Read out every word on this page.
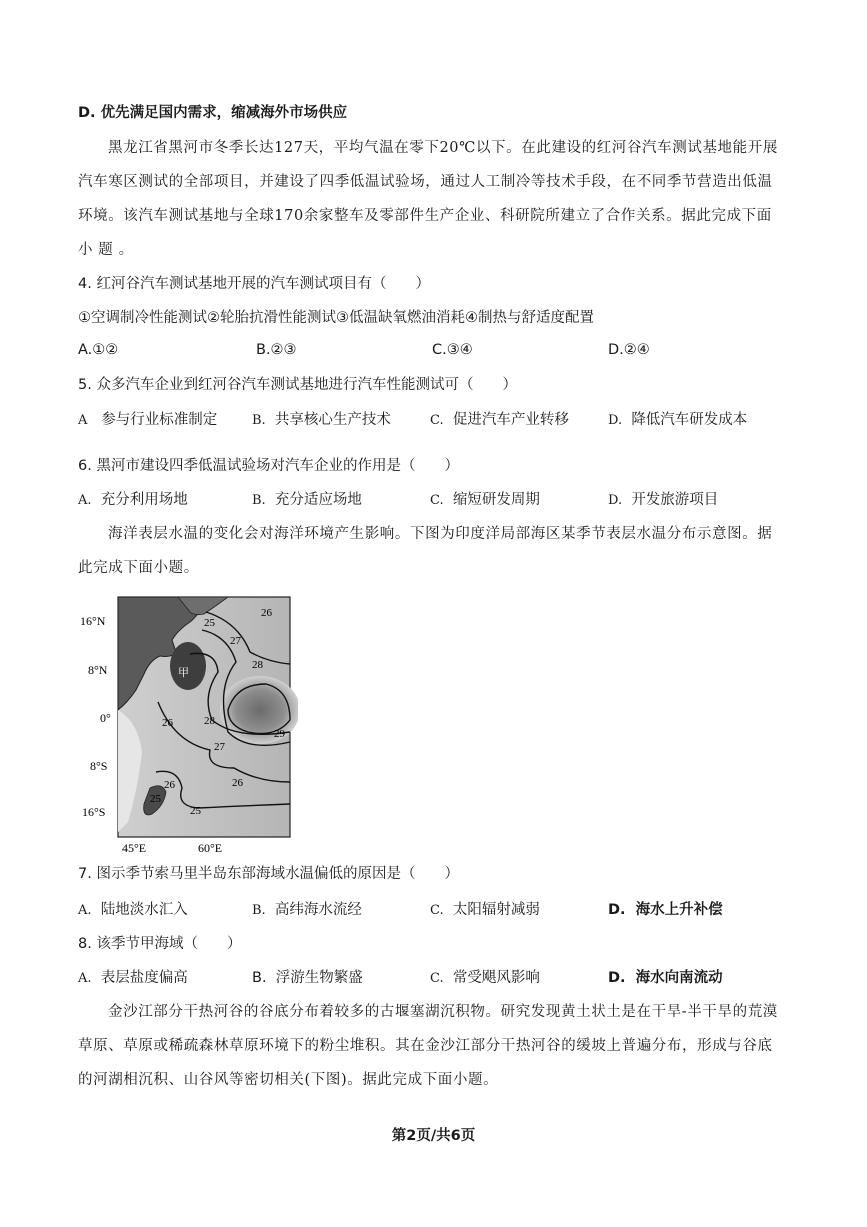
D. 优先满足国内需求，缩减海外市场供应
黑龙江省黑河市冬季长达127天，平均气温在零下20℃以下。在此建设的红河谷汽车测试基地能开展
汽车寒区测试的全部项目，并建设了四季低温试验场，通过人工制冷等技术手段，在不同季节营造出低温
环境。该汽车测试基地与全球170余家整车及零部件生产企业、科研院所建立了合作关系。据此完成下面
小 题 。
4. 红河谷汽车测试基地开展的汽车测试项目有（　　）
①空调制冷性能测试②轮胎抗滑性能测试③低温缺氧燃油消耗④制热与舒适度配置
A.①②	B.②③	C.③④	D.②④
5. 众多汽车企业到红河谷汽车测试基地进行汽车性能测试可（　　）
A 参与行业标准制定	B. 共享核心生产技术	C. 促进汽车产业转移	D. 降低汽车研发成本
6. 黑河市建设四季低温试验场对汽车企业的作用是（　　）
A. 充分利用场地	B. 充分适应场地	C. 缩短研发周期	D. 开发旅游项目
海洋表层水温的变化会对海洋环境产生影响。下图为印度洋局部海区某季节表层水温分布示意图。据
此完成下面小题。
26
25
27
28
29
28
27
26
25
26
25
26
甲
16°N
8°N
0°
8°S
16°S
45°E	60°E
7. 图示季节索马里半岛东部海域水温偏低的原因是（　　）
A. 陆地淡水汇入	B. 高纬海水流经	C. 太阳辐射减弱	D. 海水上升补偿
8. 该季节甲海域（　　）
A. 表层盐度偏高	B. 浮游生物繁盛	C. 常受飓风影响	D. 海水向南流动
金沙江部分干热河谷的谷底分布着较多的古堰塞湖沉积物。研究发现黄土状土是在干旱-半干旱的荒漠
草原、草原或稀疏森林草原环境下的粉尘堆积。其在金沙江部分干热河谷的缓坡上普遍分布，形成与谷底
的河湖相沉积、山谷风等密切相关(下图)。据此完成下面小题。
第2页/共6页
